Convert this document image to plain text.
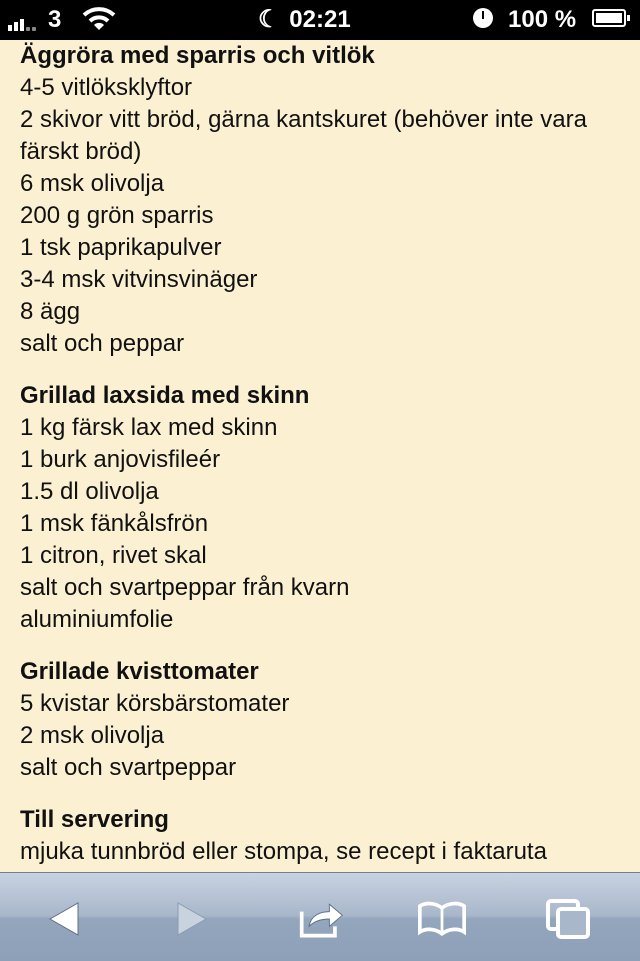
3	☾ 02:21	100 %
Äggröra med sparris och vitlök
4-5 vitlöksklyftor
2 skivor vitt bröd, gärna kantskuret (behöver inte vara färskt bröd)
6 msk olivolja
200 g grön sparris
1 tsk paprikapulver
3-4 msk vitvinsvinäger
8 ägg
salt och peppar
Grillad laxsida med skinn
1 kg färsk lax med skinn
1 burk anjovisfileér
1.5 dl olivolja
1 msk fänkålsfrön
1 citron, rivet skal
salt och svartpeppar från kvarn
aluminiumfolie
Grillade kvisttomater
5 kvistar körsbärstomater
2 msk olivolja
salt och svartpeppar
Till servering
mjuka tunnbröd eller stompa, se recept i faktaruta
